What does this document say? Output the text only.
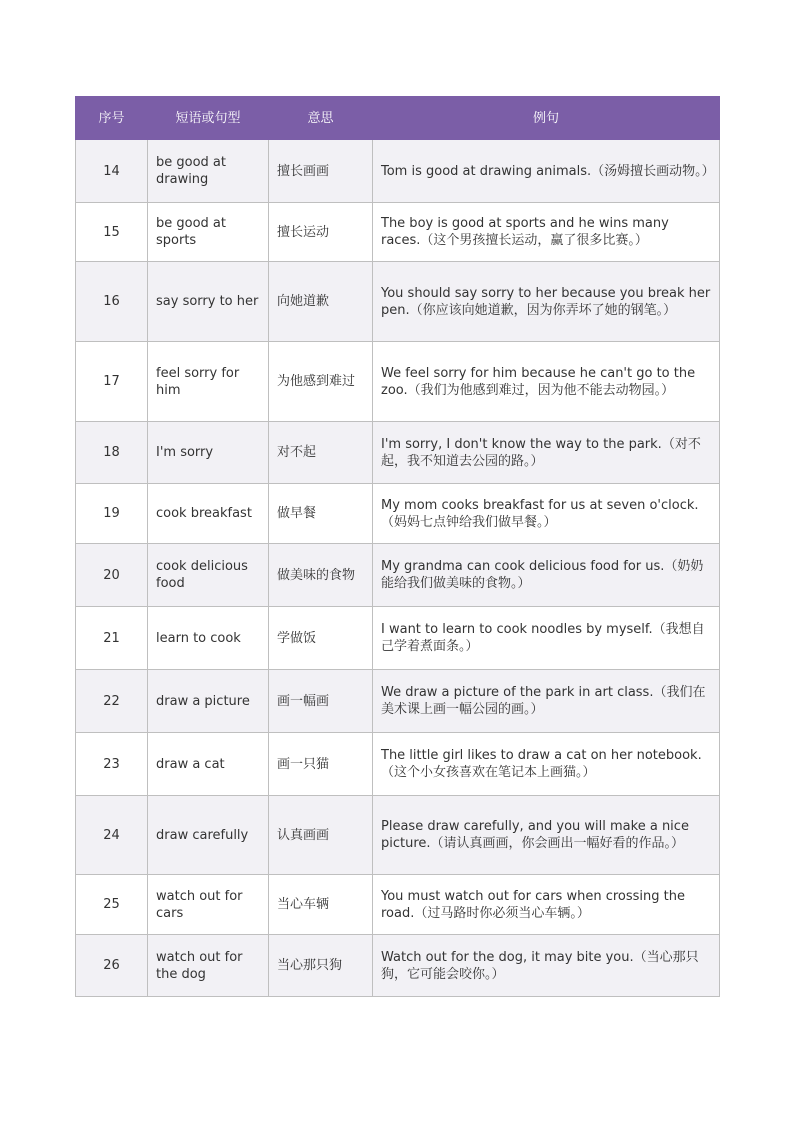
序号	短语或句型	意思	例句
14	be good at drawing	擅长画画	Tom is good at drawing animals.（汤姆擅长画动物。）
15	be good at sports	擅长运动	The boy is good at sports and he wins many races.（这个男孩擅长运动，赢了很多比赛。）
16	say sorry to her	向她道歉	You should say sorry to her because you break her pen.（你应该向她道歉，因为你弄坏了她的钢笔。）
17	feel sorry for him	为他感到难过	We feel sorry for him because he can't go to the zoo.（我们为他感到难过，因为他不能去动物园。）
18	I'm sorry	对不起	I'm sorry, I don't know the way to the park.（对不起，我不知道去公园的路。）
19	cook breakfast	做早餐	My mom cooks breakfast for us at seven o'clock.（妈妈七点钟给我们做早餐。）
20	cook delicious food	做美味的食物	My grandma can cook delicious food for us.（奶奶能给我们做美味的食物。）
21	learn to cook	学做饭	I want to learn to cook noodles by myself.（我想自己学着煮面条。）
22	draw a picture	画一幅画	We draw a picture of the park in art class.（我们在美术课上画一幅公园的画。）
23	draw a cat	画一只猫	The little girl likes to draw a cat on her notebook.（这个小女孩喜欢在笔记本上画猫。）
24	draw carefully	认真画画	Please draw carefully, and you will make a nice picture.（请认真画画，你会画出一幅好看的作品。）
25	watch out for cars	当心车辆	You must watch out for cars when crossing the road.（过马路时你必须当心车辆。）
26	watch out for the dog	当心那只狗	Watch out for the dog, it may bite you.（当心那只狗，它可能会咬你。）
